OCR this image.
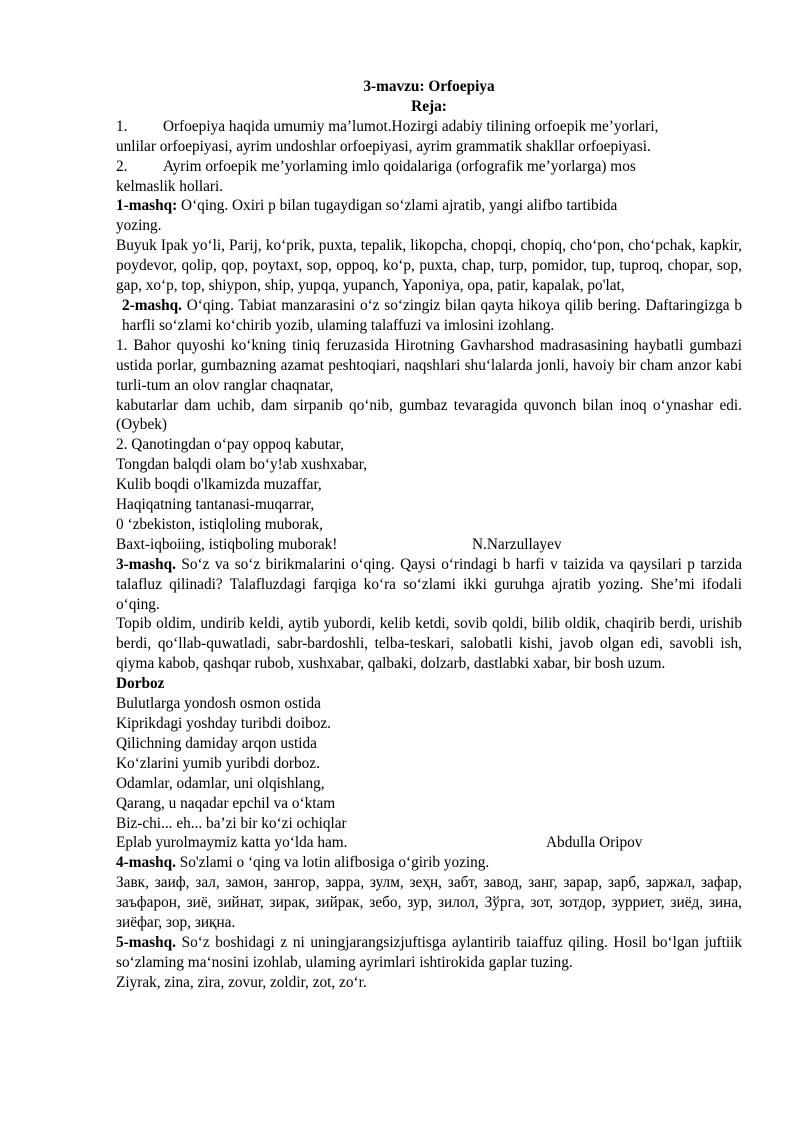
3-mavzu: Orfoepiya

Reja:

1.	Orfoepiya haqida umumiy ma’lumot.Hozirgi adabiy tilining orfoepik me’yorlari,

unlilar orfoepiyasi, ayrim undoshlar orfoepiyasi, ayrim grammatik shakllar orfoepiyasi.

2.	Ayrim orfoepik me’yorlaming imlo qoidalariga (orfografik me’yorlarga) mos

kelmaslik hollari.

1-mashq: O‘qing. Oxiri p bilan tugaydigan so‘zlami ajratib, yangi alifbo tartibida

yozing.

Buyuk Ipak yo‘li, Parij, ko‘prik, puxta, tepalik, likopcha, chopqi, chopiq, cho‘pon, cho‘pchak, kapkir, poydevor, qolip, qop, poytaxt, sop, oppoq, ko‘p, puxta, chap, turp, pomidor, tup, tuproq, chopar, sop, gap, xo‘p, top, shiypon, ship, yupqa, yupanch, Yaponiya, opa, patir, kapalak, po'lat,

2-mashq. O‘qing. Tabiat manzarasini o‘z so‘zingiz bilan qayta hikoya qilib bering. Daftaringizga b harfli so‘zlami ko‘chirib yozib, ulaming talaffuzi va imlosini izohlang.

1. Bahor quyoshi ko‘kning tiniq feruzasida Hirotning Gavharshod madrasasining haybatli gumbazi ustida porlar, gumbazning azamat peshtoqiari, naqshlari shu‘lalarda jonli, havoiy bir cham anzor kabi turli-tum an olov ranglar chaqnatar,

kabutarlar dam uchib, dam sirpanib qo‘nib, gumbaz tevaragida quvonch bilan inoq o‘ynashar edi.(Oybek)

2. Qanotingdan o‘pay oppoq kabutar,

Tongdan balqdi olam bo‘y!ab xushxabar,

Kulib boqdi o'lkamizda muzaffar,

Haqiqatning tantanasi-muqarrar,

0 ‘zbekiston, istiqloling muborak,

Baxt-iqboiing, istiqboling muborak!	N.Narzullayev

3-mashq. So‘z va so‘z birikmalarini o‘qing. Qaysi o‘rindagi b harfi v taizida va qaysilari p tarzida talafluz qilinadi? Talafluzdagi farqiga ko‘ra so‘zlami ikki guruhga ajratib yozing. She’mi ifodali o‘qing.

Topib oldim, undirib keldi, aytib yubordi, kelib ketdi, sovib qoldi, bilib oldik, chaqirib berdi, urishib berdi, qo‘llab-quwatladi, sabr-bardoshli, telba-teskari, salobatli kishi, javob olgan edi, savobli ish, qiyma kabob, qashqar rubob, xushxabar, qalbaki, dolzarb, dastlabki xabar, bir bosh uzum.

Dorboz

Bulutlarga yondosh osmon ostida

Kiprikdagi yoshday turibdi doiboz.

Qilichning damiday arqon ustida

Ko‘zlarini yumib yuribdi dorboz.

Odamlar, odamlar, uni olqishlang,

Qarang, u naqadar epchil va o‘ktam

Biz-chi... eh... ba’zi bir ko‘zi ochiqlar

Eplab yurolmaymiz katta yo‘lda ham.	Abdulla Oripov

4-mashq. So'zlami o ‘qing va lotin alifbosiga o‘girib yozing.

Завк, заиф, зал, замон, зангор, зарра, зулм, зеҳн, забт, завод, занг, зарар, зарб, заржал, зафар, заъфарон, зиё, зийнат, зирак, зийрак, зебо, зур, зилол, Зўрга, зот, зотдор, зурриет, зиёд, зина, зиёфаг, зор, зиқна.

5-mashq. So‘z boshidagi z ni uningjarangsizjuftisga aylantirib taiaffuz qiling. Hosil bo‘lgan juftiik so‘zlaming ma‘nosini izohlab, ulaming ayrimlari ishtirokida gaplar tuzing.

Ziyrak, zina, zira, zovur, zoldir, zot, zo‘r.
